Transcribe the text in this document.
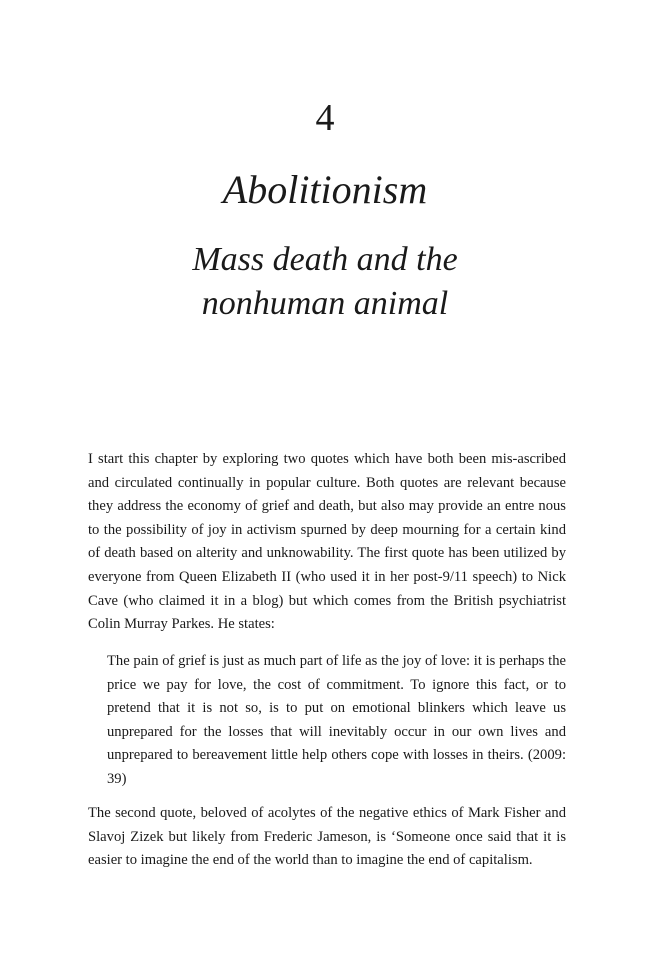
4
Abolitionism
Mass death and the
nonhuman animal

I start this chapter by exploring two quotes which have both been mis-ascribed and circulated continually in popular culture. Both quotes are relevant because they address the economy of grief and death, but also may provide an entre nous to the possibility of joy in activism spurned by deep mourning for a certain kind of death based on alterity and unknowability. The first quote has been utilized by everyone from Queen Elizabeth II (who used it in her post-9/11 speech) to Nick Cave (who claimed it in a blog) but which comes from the British psychiatrist Colin Murray Parkes. He states:

The pain of grief is just as much part of life as the joy of love: it is perhaps the price we pay for love, the cost of commitment. To ignore this fact, or to pretend that it is not so, is to put on emotional blinkers which leave us unprepared for the losses that will inevitably occur in our own lives and unprepared to bereavement little help others cope with losses in theirs. (2009: 39)

The second quote, beloved of acolytes of the negative ethics of Mark Fisher and Slavoj Zizek but likely from Frederic Jameson, is ‘Someone once said that it is easier to imagine the end of the world than to imagine the end of capitalism.
